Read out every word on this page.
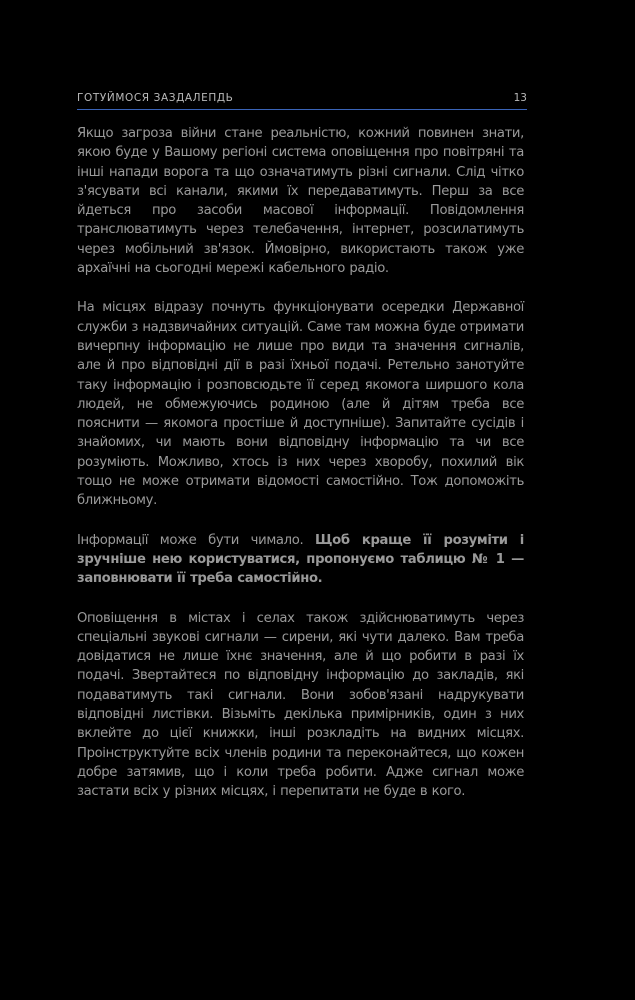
ГОТУЙМОСЯ ЗАЗДАЛЕПДЬ	13

Якщо загроза війни стане реальністю, кожний повинен знати, якою буде у Вашому регіоні система оповіщення про повітряні та інші напади ворога та що означатимуть різні сигнали. Слід чітко з'ясувати всі канали, якими їх передаватимуть. Перш за все йдеться про засоби масової інформації. Повідомлення транслюватимуть через телебачення, інтернет, розсилатимуть через мобільний зв'язок. Ймовірно, використають також уже архаїчні на сьогодні мережі кабельного радіо.

На місцях відразу почнуть функціонувати осередки Державної служби з надзвичайних ситуацій. Саме там можна буде отримати вичерпну інформацію не лише про види та значення сигналів, але й про відповідні дії в разі їхньої подачі. Ретельно занотуйте таку інформацію і розповсюдьте її серед якомога ширшого кола людей, не обмежуючись родиною (але й дітям треба все пояснити — якомога простіше й доступніше). Запитайте сусідів і знайомих, чи мають вони відповідну інформацію та чи все розуміють. Можливо, хтось із них через хворобу, похилий вік тощо не може отримати відомості самостійно. Тож допоможіть ближньому.

Інформації може бути чимало. Щоб краще її розуміти і зручніше нею користуватися, пропонуємо таблицю № 1 — заповнювати її треба самостійно.

Оповіщення в містах і селах також здійснюватимуть через спеціальні звукові сигнали — сирени, які чути далеко. Вам треба довідатися не лише їхнє значення, але й що робити в разі їх подачі. Звертайтеся по відповідну інформацію до закладів, які подаватимуть такі сигнали. Вони зобов'язані надрукувати відповідні листівки. Візьміть декілька примірників, один з них вклейте до цієї книжки, інші розкладіть на видних місцях. Проінструктуйте всіх членів родини та переконайтеся, що кожен добре затямив, що і коли треба робити. Адже сигнал може застати всіх у різних місцях, і перепитати не буде в кого.
